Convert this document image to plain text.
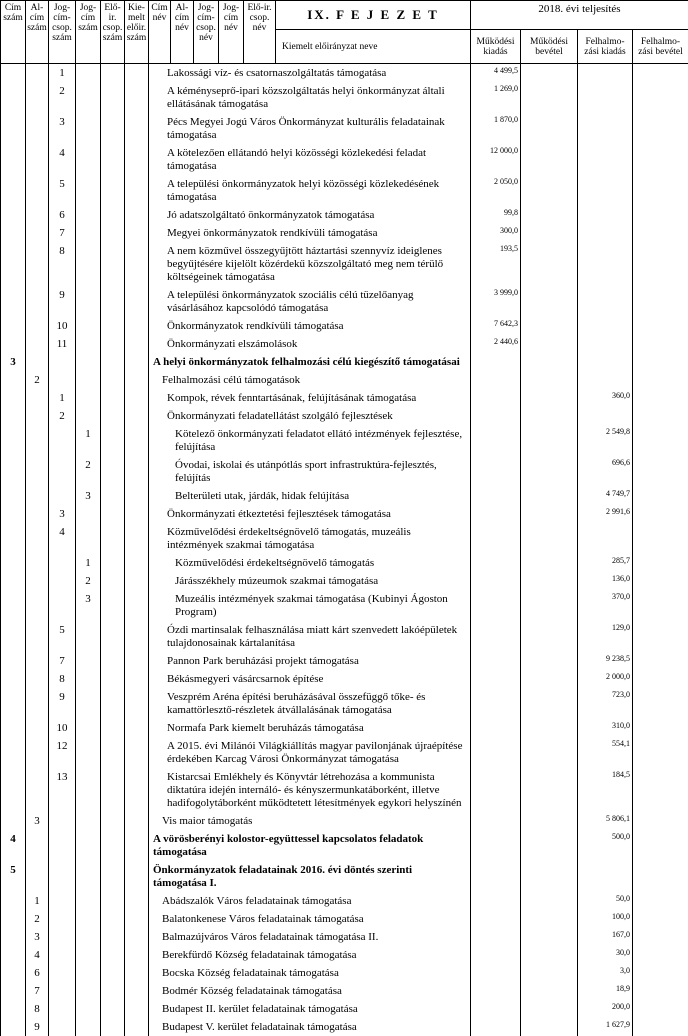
Cím szám	Al-cím szám	Jog-cím-csop. szám	Jog-cím szám	Elő-ir. csop. szám	Kie-melt előir. szám	Cím név	Al-cím név	Jog-cím-csop. név	Jog-cím név	Elő-ir. csop. név	IX. F E J E Z E T	2018. évi teljesítés			
											Kiemelt előirányzat neve	Működési kiadás	Működési bevétel	Felhalmo-zási kiadás	Felhalmo-zási bevétel
		1				Lakossági víz- és csatornaszolgáltatás támogatása						4 499,5			
		2				A kéményseprő-ipari közszolgáltatás helyi önkormányzat általi ellátásának támogatása						1 269,0			
		3				Pécs Megyei Jogú Város Önkormányzat kulturális feladatainak támogatása						1 870,0			
		4				A kötelezően ellátandó helyi közösségi közlekedési feladat támogatása						12 000,0			
		5				A települési önkormányzatok helyi közösségi közlekedésének támogatása						2 050,0			
		6				Jó adatszolgáltató önkormányzatok támogatása						99,8			
		7				Megyei önkormányzatok rendkívüli támogatása						300,0			
		8				A nem közművel összegyűjtött háztartási szennyvíz ideiglenes begyűjtésére kijelölt közérdekű közszolgáltató meg nem térülő költségeinek támogatása						193,5			
		9				A települési önkormányzatok szociális célú tüzelőanyag vásárlásához kapcsolódó támogatása						3 999,0			
		10				Önkormányzatok rendkívüli támogatása						7 642,3			
		11				Önkormányzati elszámolások						2 440,6			
3						A helyi önkormányzatok felhalmozási célú kiegészítő támogatásai									
	2					Felhalmozási célú támogatások									
		1				Kompok, révek fenntartásának, felújításának támogatása								360,0	
		2				Önkormányzati feladatellátást szolgáló fejlesztések									
			1			Kötelező önkormányzati feladatot ellátó intézmények fejlesztése, felújítása								2 549,8	
			2			Óvodai, iskolai és utánpótlás sport infrastruktúra-fejlesztés, felújítás								696,6	
			3			Belterületi utak, járdák, hidak felújítása								4 749,7	
		3				Önkormányzati étkeztetési fejlesztések támogatása								2 991,6	
		4				Közművelődési érdekeltségnövelő támogatás, muzeális intézmények szakmai támogatása									
			1			Közművelődési érdekeltségnövelő támogatás								285,7	
			2			Járásszékhely múzeumok szakmai támogatása								136,0	
			3			Muzeális intézmények szakmai támogatása (Kubinyi Ágoston Program)								370,0	
		5				Ózdi martinsalak felhasználása miatt kárt szenvedett lakóépületek tulajdonosainak kártalanítása								129,0	
		7				Pannon Park beruházási projekt támogatása								9 238,5	
		8				Békásmegyeri vásárcsarnok építése								2 000,0	
		9				Veszprém Aréna építési beruházásával összefüggő tőke- és kamattörlesztő-részletek átvállalásának támogatása								723,0	
		10				Normafa Park kiemelt beruházás támogatása								310,0	
		12				A 2015. évi Milánói Világkiállítás magyar pavilonjának újraépítése érdekében Karcag Városi Önkormányzat támogatása								554,1	
		13				Kistarcsai Emlékhely és Könyvtár létrehozása a kommunista diktatúra idején internáló- és kényszermunkatáborként, illetve hadifogolytáborként működtetett létesítmények egykori helyszínén								184,5	
	3					Vis maior támogatás								5 806,1	
4						A vörösberényi kolostor-együttessel kapcsolatos feladatok támogatása								500,0	
5						Önkormányzatok feladatainak 2016. évi döntés szerinti támogatása I.									
	1					Abádszalók Város feladatainak támogatása								50,0	
	2					Balatonkenese Város feladatainak támogatása								100,0	
	3					Balmazújváros Város feladatainak támogatása II.								167,0	
	4					Berekfürdő Község feladatainak támogatása								30,0	
	6					Bocska Község feladatainak támogatása								3,0	
	7					Bodmér Község feladatainak támogatása								18,9	
	8					Budapest II. kerület feladatainak támogatása								200,0	
	9					Budapest V. kerület feladatainak támogatása								1 627,9	
